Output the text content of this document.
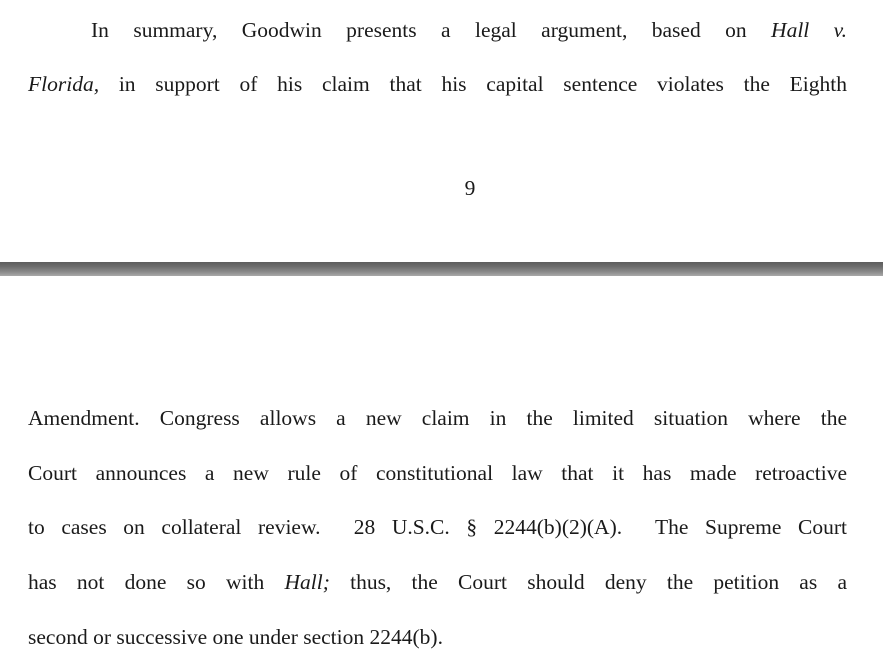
In summary, Goodwin presents a legal argument, based on Hall v.
Florida, in support of his claim that his capital sentence violates the Eighth
9
Amendment. Congress allows a new claim in the limited situation where the
Court announces a new rule of constitutional law that it has made retroactive
to cases on collateral review.  28 U.S.C. § 2244(b)(2)(A).  The Supreme Court
has not done so with Hall; thus, the Court should deny the petition as a
second or successive one under section 2244(b).
